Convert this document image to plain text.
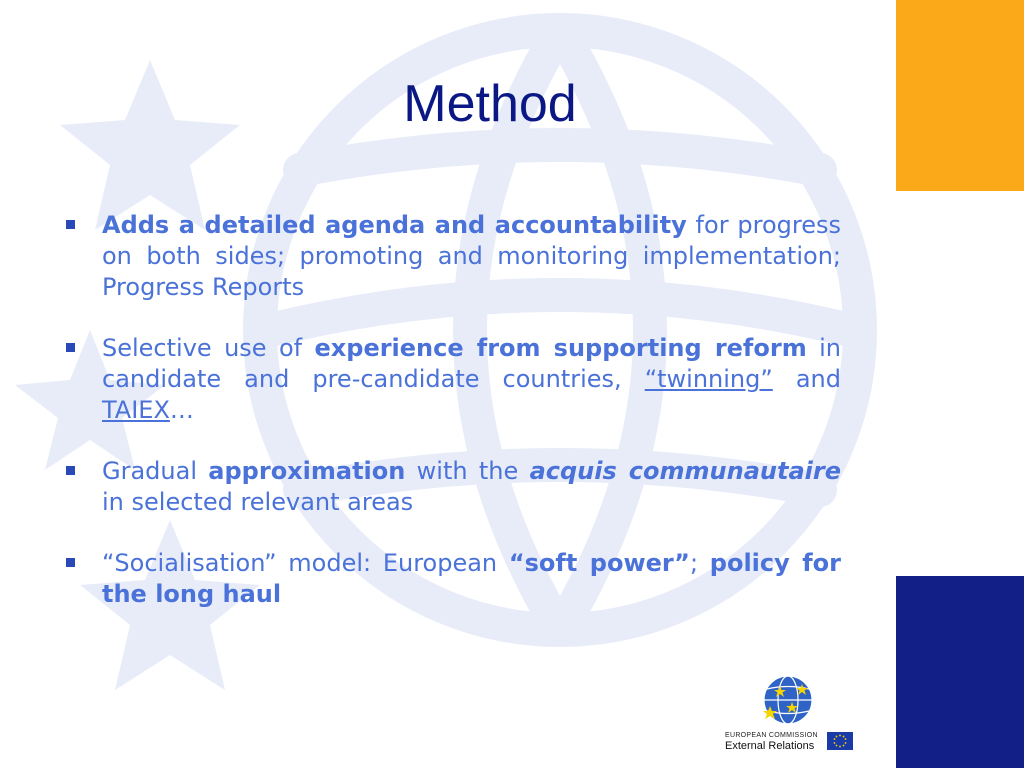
Method
Adds a detailed agenda and accountability for progress on both sides; promoting and monitoring implementation; Progress Reports
Selective use of experience from supporting reform in candidate and pre-candidate countries, “twinning” and TAIEX…
Gradual approximation with the acquis communautaire in selected relevant areas
“Socialisation” model: European “soft power”; policy for the long haul
EUROPEAN COMMISSION
External Relations
